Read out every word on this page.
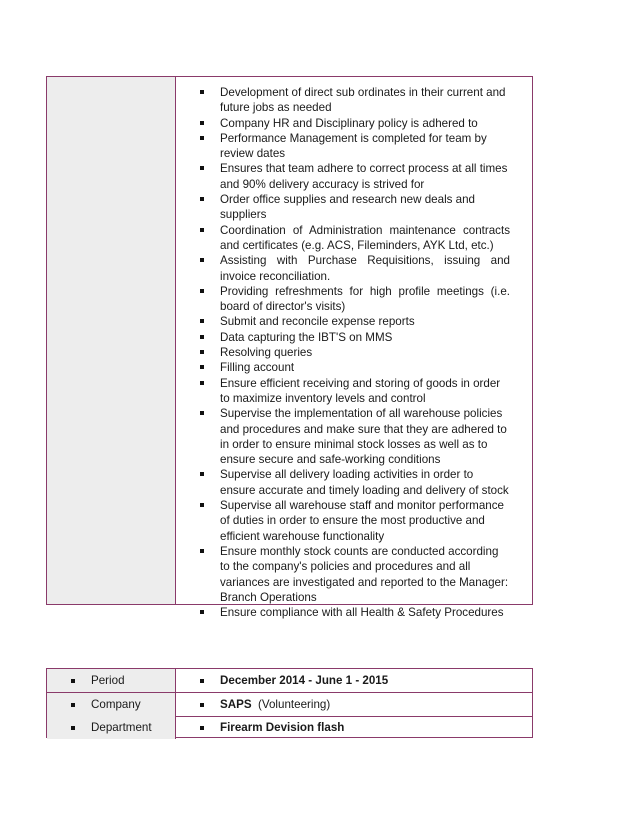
Development of direct sub ordinates in their current and future jobs as needed
Company HR and Disciplinary policy is adhered to
Performance Management is completed for team by review dates
Ensures that team adhere to correct process at all times and 90% delivery accuracy is strived for
Order office supplies and research new deals and suppliers
Coordination of Administration maintenance contracts and certificates (e.g. ACS, Fileminders, AYK Ltd, etc.)
Assisting with Purchase Requisitions, issuing and invoice reconciliation.
Providing refreshments for high profile meetings (i.e. board of director's visits)
Submit and reconcile expense reports
Data capturing the IBT'S on MMS
Resolving queries
Filling account
Ensure efficient receiving and storing of goods in order to maximize inventory levels and control
Supervise the implementation of all warehouse policies and procedures and make sure that they are adhered to in order to ensure minimal stock losses as well as to ensure secure and safe-working conditions
Supervise all delivery loading activities in order to ensure accurate and timely loading and delivery of stock
Supervise all warehouse staff and monitor performance of duties in order to ensure the most productive and efficient warehouse functionality
Ensure monthly stock counts are conducted according to the company's policies and procedures and all variances are investigated and reported to the Manager: Branch Operations
Ensure compliance with all Health & Safety Procedures
Period	December 2014 - June 1 - 2015
Company	SAPS (Volunteering)
Department	Firearm Devision flash
